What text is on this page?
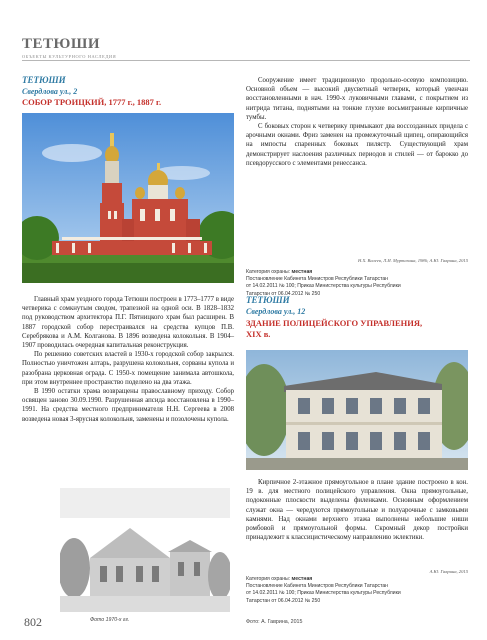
ТЕТЮШИ
ОБЪЕКТЫ КУЛЬТУРНОГО НАСЛЕДИЯ
ТЕТЮШИ
Свердлова ул., 2
СОБОР ТРОИЦКИЙ, 1777 г., 1887 г.

Сооружение имеет традиционную продольно-осевую композицию. Основной объем — высокий двусветный четверик, который увенчан восстановленными в нач. 1990-х луковичными главами, с покрытием из нитрида титана, поднятыми на тонкие глухие восьмигранные кирпичные тумбы.

С боковых сторон к четверику примыкают два воссозданных придела с арочными окнами. Фриз заменен на промежуточный щипец, опирающийся на импосты спаренных боковых пилястр. Существующий храм демонстрирует наслоения различных периодов и стилей — от барокко до псевдорусского с элементами ренессанса.

Н.Х. Валеев, Л.И. Муртазина, 1986; А.Ю. Гаврина, 2015

Категория охраны: местная

Постановление Кабинета Министров Республики Татарстан

от 14.02.2011 № 100; Приказ Министерства культуры Республики

Татарстан от 06.04.2012 № 250

Главный храм уездного города Тетюши построен в 1773–1777 в виде четверика с сомкнутым сводом, трапезной на одной оси. В 1828–1832 под руководством архитектора П.Г. Пятницкого храм был расширен. В 1887 городской собор перестраивался на средства купцов П.В. Серебрякова и А.М. Колганова. В 1896 возведена колокольня. В 1904–1907 проводилась очередная капитальная реконструкция.

По решению советских властей в 1930-х городской собор закрылся. Полностью уничтожен алтарь, разрушена колокольня, сорваны купола и разобрана церковная ограда. С 1950-х помещение занимала автошкола, при этом внутреннее пространство поделено на два этажа.

В 1990 остатки храма возвращены православному приходу. Собор освящен заново 30.09.1990. Разрушенная апсида восстановлена в 1990–1991. На средства местного предпринимателя Н.Н. Сергеева в 2008 возведена новая 3-ярусная колокольня, заменены и позолочены купола.

Фото 1970-х гг.
ТЕТЮШИ
Свердлова ул., 12
ЗДАНИЕ ПОЛИЦЕЙСКОГО УПРАВЛЕНИЯ,
XIX в.

Кирпичное 2-этажное прямоугольное в плане здание построено в кон. 19 в. для местного полицейского управления. Окна прямоугольные, подоконные плоскости выделены филенками. Основным оформлением служат окна — чередуются прямоугольные и полуарочные с замковыми камнями. Над окнами верхнего этажа выполнены небольшие ниши ромбовой и прямоугольной формы. Скромный декор постройки принадлежит к классицистическому направлению эклектики.

А.Ю. Гаврина, 2015

Категория охраны: местная

Постановление Кабинета Министров Республики Татарстан

от 14.02.2011 № 100; Приказ Министерства культуры Республики

Татарстан от 06.04.2012 № 250

802	Фото: А. Гаврина, 2015
